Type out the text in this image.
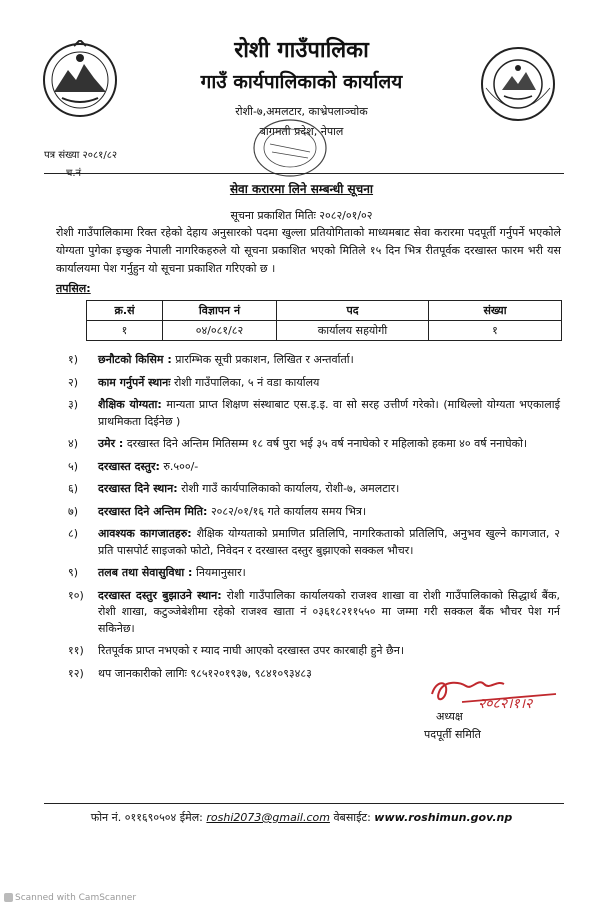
रोशी गाउँपालिका
गाउँ कार्यपालिकाको कार्यालय
रोशी-७,अमलटार, काभ्रेपलाञ्चोक
बागमती प्रदेश, नेपाल
पत्र संख्या २०८१/८२
च.नं
सेवा करारमा लिने सम्बन्धी सूचना
सूचना प्रकाशित मितिः २०८२/०१/०२
रोशी गाउँपालिकामा रिक्त रहेको देहाय अनुसारको पदमा खुल्ला प्रतियोगिताको माध्यमबाट सेवा करारमा पदपूर्ती गर्नुपर्ने भएकोले योग्यता पुगेका इच्छुक नेपाली नागरिकहरुले यो सूचना प्रकाशित भएको मितिले १५ दिन भित्र रीतपूर्वक दरखास्त फारम भरी यस कार्यालयमा पेश गर्नुहुन यो सूचना प्रकाशित गरिएको छ ।
तपसिल:
क्र.सं	विज्ञापन नं	पद	संख्या
१	०४/०८१/८२	कार्यालय सहयोगी	१
१)	छनौटको किसिम : प्रारम्भिक सूची प्रकाशन, लिखित र अन्तर्वार्ता।
२)	काम गर्नुपर्ने स्थानः रोशी गाउँपालिका, ५ नं वडा कार्यालय
३)	शैक्षिक योग्यता: मान्यता प्राप्त शिक्षण संस्थाबाट एस.इ.इ. वा सो सरह उत्तीर्ण गरेको। (माथिल्लो योग्यता भएकालाई प्राथमिकता दिईनेछ )
४)	उमेर : दरखास्त दिने अन्तिम मितिसम्म १८ वर्ष पुरा भई ३५ वर्ष ननाघेको र महिलाको हकमा ४० वर्ष ननाघेको।
५)	दरखास्त दस्तुर: रु.५००/-
६)	दरखास्त दिने स्थान: रोशी गाउँ कार्यपालिकाको कार्यालय, रोशी-७, अमलटार।
७)	दरखास्त दिने अन्तिम मिति: २०८२/०१/१६ गते कार्यालय समय भित्र।
८)	आवश्यक कागजातहरु: शैक्षिक योग्यताको प्रमाणित प्रतिलिपि, नागरिकताको प्रतिलिपि, अनुभव खुल्ने कागजात, २ प्रति पासपोर्ट साइजको फोटो, निवेदन र दरखास्त दस्तुर बुझाएको सक्कल भौचर।
९)	तलब तथा सेवासुविधा : नियमानुसार।
१०)	दरखास्त दस्तुर बुझाउने स्थान: रोशी गाउँपालिका कार्यालयको राजश्व शाखा वा रोशी गाउँपालिकाको सिद्धार्थ बैंक, रोशी शाखा, कटुञ्जेबेशीमा रहेको राजश्व खाता नं ०३६१८२११५५० मा जम्मा गरी सक्कल बैंक भौचर पेश गर्न सकिनेछ।
११)	रितपूर्वक प्राप्त नभएको र म्याद नाघी आएको दरखास्त उपर कारबाही हुने छैन।
१२)	थप जानकारीको लागिः ९८५१२०१९३७, ९८४१०९३४८३
२०८२।१।२
अध्यक्ष
पदपूर्ती समिति
फोन नं. ०११६९०५०४ ईमेल: roshi2073@gmail.com वेबसाईट: www.roshimun.gov.np
Scanned with CamScanner
